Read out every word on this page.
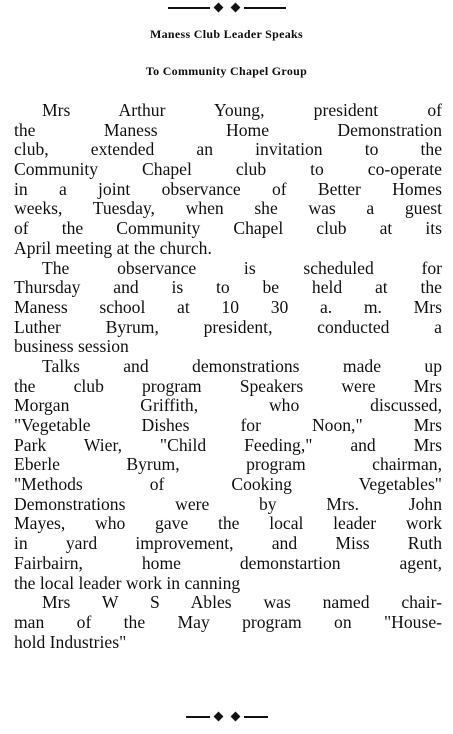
Maness Club Leader Speaks
To Community Chapel Group
Mrs Arthur Young, president of
the Maness Home Demonstration
club, extended an invitation to the
Community Chapel club to co-operate
in a joint observance of Better Homes
weeks, Tuesday, when she was a guest
of the Community Chapel club at its
April meeting at the church.
The observance is scheduled for
Thursday and is to be held at the
Maness school at 10 30 a. m. Mrs
Luther Byrum, president, conducted a
business session
Talks and demonstrations made up
the club program Speakers were Mrs
Morgan Griffith, who discussed,
"Vegetable Dishes for Noon," Mrs
Park Wier, "Child Feeding," and Mrs
Eberle Byrum, program chairman,
"Methods of Cooking Vegetables"
Demonstrations were by Mrs. John
Mayes, who gave the local leader work
in yard improvement, and Miss Ruth
Fairbairn, home demonstartion agent,
the local leader work in canning
Mrs W S Ables was named chair-
man of the May program on "House-
hold Industries"
